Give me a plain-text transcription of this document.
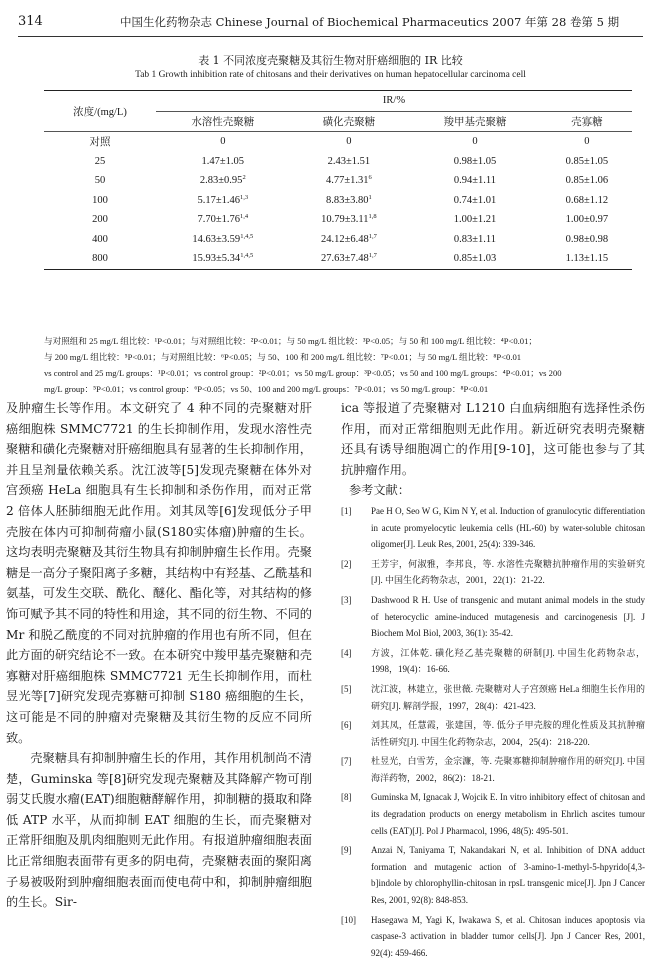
314	中国生化药物杂志 Chinese Journal of Biochemical Pharmaceutics 2007 年第 28 卷第 5 期
表 1 不同浓度壳聚糖及其衍生物对肝癌细胞的 IR 比较
Tab 1 Growth inhibition rate of chitosans and their derivatives on human hepatocellular carcinoma cell
浓度/(mg/L)	IR/%			
	水溶性壳聚糖	磺化壳聚糖	羧甲基壳聚糖	壳寡糖
对照	0	0	0	0
25	1.47±1.05	2.43±1.51	0.98±1.05	0.85±1.05
50	$2.83\pm 0.95^2$	$4.77\pm 1.31^6$	0.94±1.11	0.85±1.06
100	$5.17\pm 1.46^{1,3}$	$8.83\pm 3.80^1$	0.74±1.01	0.68±1.12
200	$7.70\pm 1.76^{1,4}$	$10.79\pm 3.11^{1,8}$	1.00±1.21	1.00±0.97
400	$14.63\pm 3.59^{1,4,5}$	$24.12\pm 6.48^{1,7}$	0.83±1.11	0.98±0.98
800	$15.93\pm 5.34^{1,4,5}$	$27.63\pm 7.48^{1,7}$	0.85±1.03	1.13±1.15

与对照组和 25 mg/L 组比较：¹P<0.01；与对照组比较：²P<0.01；与 50 mg/L 组比较：³P<0.05；与 50 和 100 mg/L 组比较：⁴P<0.01；

与 200 mg/L 组比较：⁵P<0.01；与对照组比较：⁶P<0.05；与 50、100 和 200 mg/L 组比较：⁷P<0.01；与 50 mg/L 组比较：⁸P<0.01

vs control and 25 mg/L groups：¹P<0.01；vs control group：²P<0.01；vs 50 mg/L group：³P<0.05；vs 50 and 100 mg/L groups：⁴P<0.01；vs 200

mg/L group：⁵P<0.01；vs control group：⁶P<0.05；vs 50、100 and 200 mg/L groups：⁷P<0.01；vs 50 mg/L group：⁸P<0.01

及肿瘤生长等作用。本文研究了 4 种不同的壳聚糖对肝癌细胞株 SMMC7721 的生长抑制作用，发现水溶性壳聚糖和磺化壳聚糖对肝癌细胞具有显著的生长抑制作用，并且呈剂量依赖关系。沈江波等[5]发现壳聚糖在体外对宫颈癌 HeLa 细胞具有生长抑制和杀伤作用，而对正常 2 倍体人胚肺细胞无此作用。刘其凤等[6]发现低分子甲壳胺在体内可抑制荷瘤小鼠(S180实体瘤)肿瘤的生长。这均表明壳聚糖及其衍生物具有抑制肿瘤生长作用。壳聚糖是一高分子聚阳离子多糖，其结构中有羟基、乙酰基和氨基，可发生交联、酰化、醚化、酯化等，对其结构的修饰可赋予其不同的特性和用途，其不同的衍生物、不同的 Mr 和脱乙酰度的不同对抗肿瘤的作用也有所不同，但在此方面的研究结论不一致。在本研究中羧甲基壳聚糖和壳寡糖对肝癌细胞株 SMMC7721 无生长抑制作用，而杜昱光等[7]研究发现壳寡糖可抑制 S180 癌细胞的生长，这可能是不同的肿瘤对壳聚糖及其衍生物的反应不同所致。

壳聚糖具有抑制肿瘤生长的作用，其作用机制尚不清楚，Guminska 等[8]研究发现壳聚糖及其降解产物可削弱艾氏腹水瘤(EAT)细胞糖酵解作用，抑制糖的摄取和降低 ATP 水平，从而抑制 EAT 细胞的生长，而壳聚糖对正常肝细胞及肌肉细胞则无此作用。有报道肿瘤细胞表面比正常细胞表面带有更多的阴电荷，壳聚糖表面的聚阳离子易被吸附到肿瘤细胞表面而使电荷中和，抑制肿瘤细胞的生长。Sir-

ica 等报道了壳聚糖对 L1210 白血病细胞有选择性杀伤作用，而对正常细胞则无此作用。新近研究表明壳聚糖还具有诱导细胞凋亡的作用[9-10]，这可能也参与了其抗肿瘤作用。

参考文献：
[1]	Pae H O, Seo W G, Kim N Y, et al. Induction of granulocytic differentiation in acute promyelocytic leukemia cells (HL-60) by water-soluble chitosan oligomer[J]. Leuk Res, 2001, 25(4): 339-346.
[2]	王芳宇，何淑雅，李邦良，等. 水溶性壳聚糖抗肿瘤作用的实验研究[J]. 中国生化药物杂志，2001，22(1)：21-22.
[3]	Dashwood R H. Use of transgenic and mutant animal models in the study of heterocyclic amine-induced mutagenesis and carcinogenesis [J]. J Biochem Mol Biol, 2003, 36(1): 35-42.
[4]	方波，江体乾. 磺化羟乙基壳聚糖的研制[J]. 中国生化药物杂志，1998，19(4)：16-66.
[5]	沈江波，林建立，张世薇. 壳聚糖对人子宫颈癌 HeLa 细胞生长作用的研究[J]. 解剖学报，1997，28(4)：421-423.
[6]	刘其凤，任慧霞，张建国，等. 低分子甲壳胺的理化性质及其抗肿瘤活性研究[J]. 中国生化药物杂志，2004，25(4)：218-220.
[7]	杜昱光，白雪芳，金宗濂，等. 壳聚寡糖抑制肿瘤作用的研究[J]. 中国海洋药物，2002，86(2)：18-21.
[8]	Guminska M, Ignacak J, Wojcik E. In vitro inhibitory effect of chitosan and its degradation products on energy metabolism in Ehrlich ascites tumour cells (EAT)[J]. Pol J Pharmacol, 1996, 48(5): 495-501.
[9]	Anzai N, Taniyama T, Nakandakari N, et al. Inhibition of DNA adduct formation and mutagenic action of 3-amino-1-methyl-5-hpyrido[4,3-b]indole by chlorophyllin-chitosan in rpsL transgenic mice[J]. Jpn J Cancer Res, 2001, 92(8): 848-853.
[10]	Hasegawa M, Yagi K, Iwakawa S, et al. Chitosan induces apoptosis via caspase-3 activation in bladder tumor cells[J]. Jpn J Cancer Res, 2001, 92(4): 459-466.
